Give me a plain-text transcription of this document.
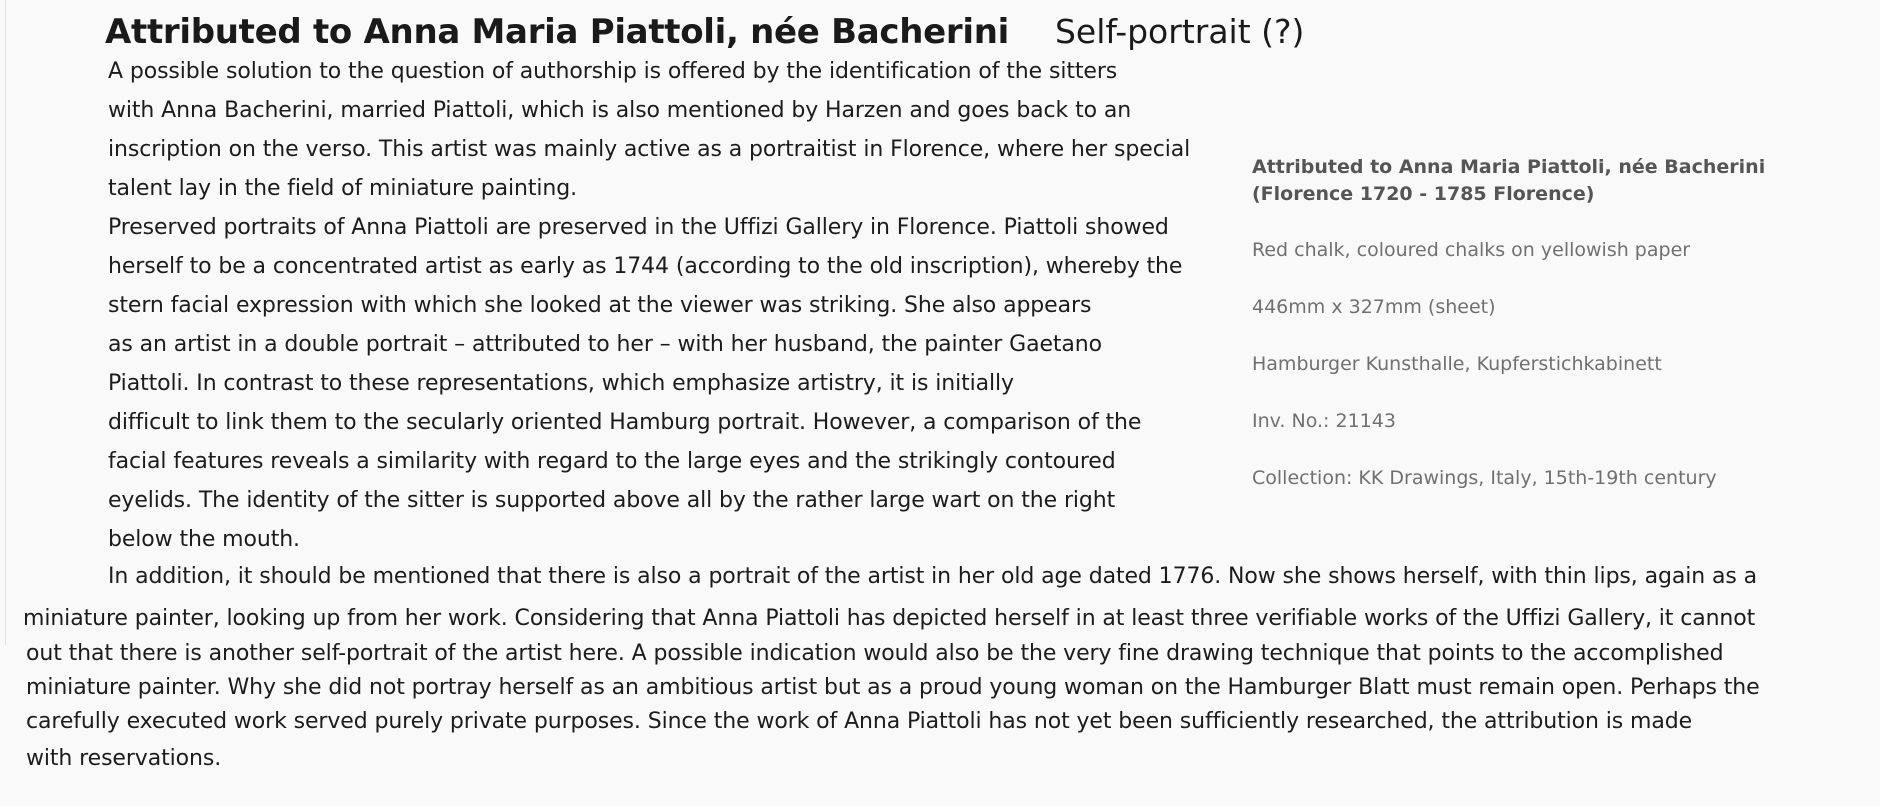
Attributed to Anna Maria Piattoli, née Bacherini Self-portrait (?)
A possible solution to the question of authorship is offered by the identification of the sitters
with Anna Bacherini, married Piattoli, which is also mentioned by Harzen and goes back to an
inscription on the verso. This artist was mainly active as a portraitist in Florence, where her special
talent lay in the field of miniature painting.
Preserved portraits of Anna Piattoli are preserved in the Uffizi Gallery in Florence. Piattoli showed
herself to be a concentrated artist as early as 1744 (according to the old inscription), whereby the
stern facial expression with which she looked at the viewer was striking. She also appears
as an artist in a double portrait – attributed to her – with her husband, the painter Gaetano
Piattoli. In contrast to these representations, which emphasize artistry, it is initially
difficult to link them to the secularly oriented Hamburg portrait. However, a comparison of the
facial features reveals a similarity with regard to the large eyes and the strikingly contoured
eyelids. The identity of the sitter is supported above all by the rather large wart on the right
below the mouth.
In addition, it should be mentioned that there is also a portrait of the artist in her old age dated 1776. Now she shows herself, with thin lips, again as a
miniature painter, looking up from her work. Considering that Anna Piattoli has depicted herself in at least three verifiable works of the Uffizi Gallery, it cannot
out that there is another self-portrait of the artist here. A possible indication would also be the very fine drawing technique that points to the accomplished
miniature painter. Why she did not portray herself as an ambitious artist but as a proud young woman on the Hamburger Blatt must remain open. Perhaps the
carefully executed work served purely private purposes. Since the work of Anna Piattoli has not yet been sufficiently researched, the attribution is made
with reservations.
Attributed to Anna Maria Piattoli, née Bacherini
(Florence 1720 - 1785 Florence)
Red chalk, coloured chalks on yellowish paper
446mm x 327mm (sheet)
Hamburger Kunsthalle, Kupferstichkabinett
Inv. No.: 21143
Collection: KK Drawings, Italy, 15th-19th century
